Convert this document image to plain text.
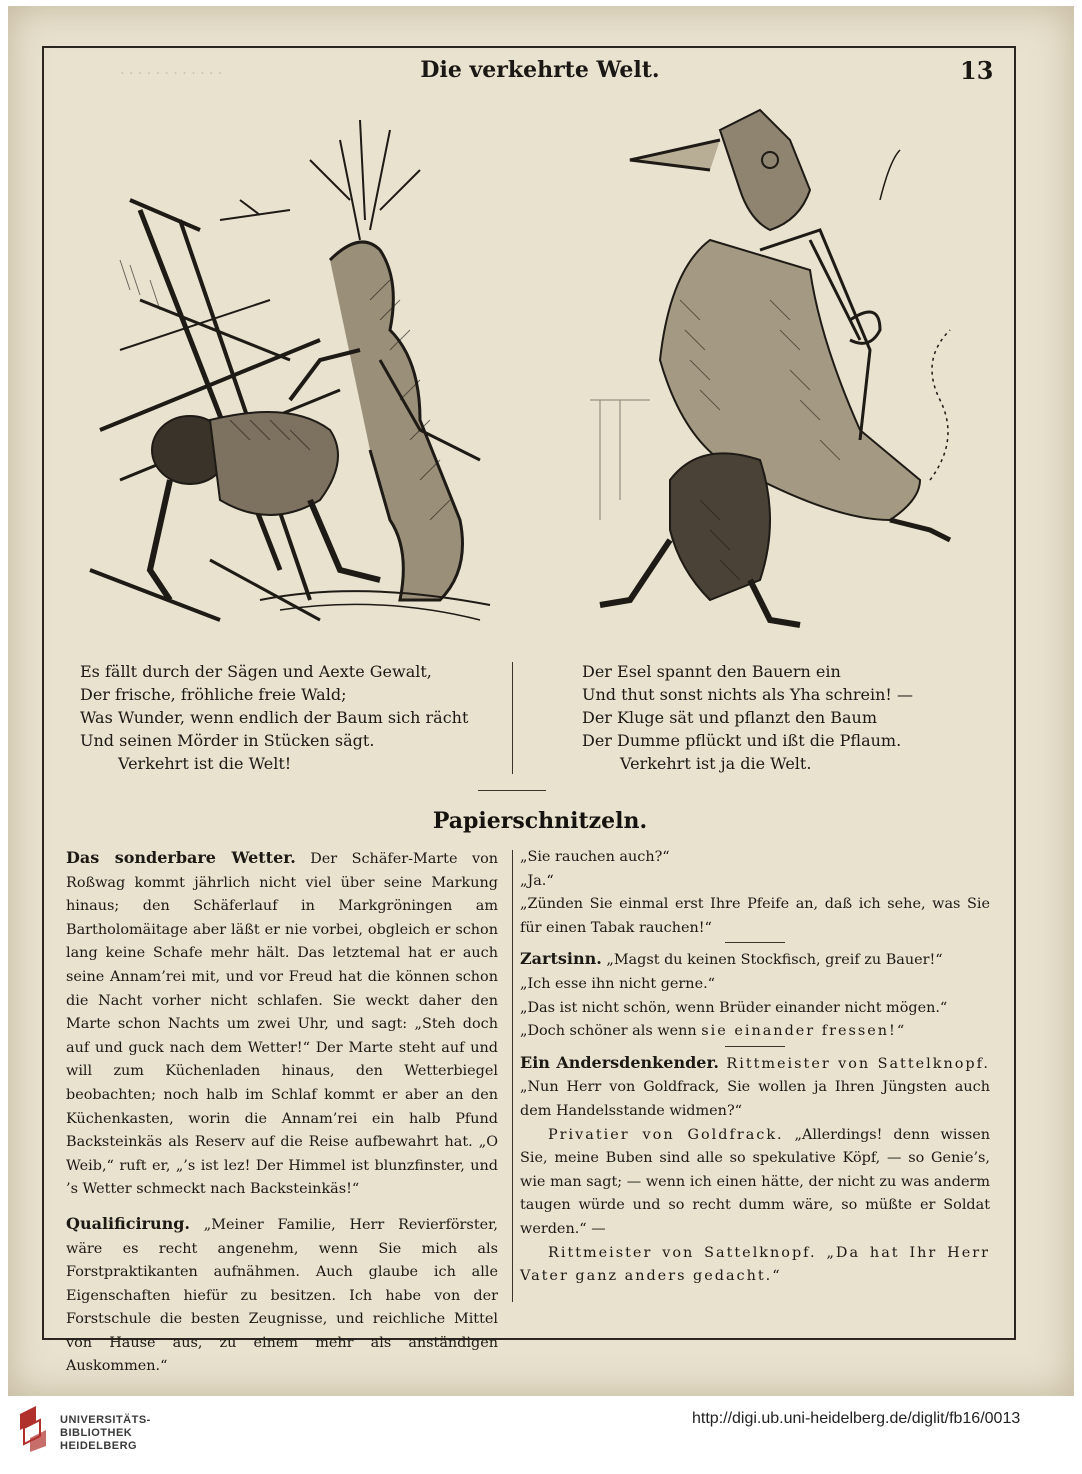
. . . . . . . . . . . .	Die verkehrte Welt.	13
Es fällt durch der Sägen und Aexte Gewalt,
Der frische, fröhliche freie Wald;
Was Wunder, wenn endlich der Baum sich rächt
Und seinen Mörder in Stücken sägt.
Verkehrt ist die Welt!
Der Esel spannt den Bauern ein
Und thut sonst nichts als Yha schrein! —
Der Kluge sät und pflanzt den Baum
Der Dumme pflückt und ißt die Pflaum.
Verkehrt ist ja die Welt.
Papierschnitzeln.

Das sonderbare Wetter. Der Schäfer-Marte von Roßwag kommt jährlich nicht viel über seine Markung hinaus; den Schäferlauf in Markgröningen am Bartholomäitage aber läßt er nie vorbei, obgleich er schon lang keine Schafe mehr hält. Das letztemal hat er auch seine Annam’rei mit, und vor Freud hat die können schon die Nacht vorher nicht schlafen. Sie weckt daher den Marte schon Nachts um zwei Uhr, und sagt: „Steh doch auf und guck nach dem Wetter!“ Der Marte steht auf und will zum Küchenladen hinaus, den Wetterbiegel beobachten; noch halb im Schlaf kommt er aber an den Küchenkasten, worin die Annam’rei ein halb Pfund Backsteinkäs als Reserv auf die Reise aufbewahrt hat. „O Weib,“ ruft er, „’s ist lez! Der Himmel ist blunzfinster, und ’s Wetter schmeckt nach Backsteinkäs!“

Qualificirung. „Meiner Familie, Herr Revierförster, wäre es recht angenehm, wenn Sie mich als Forstpraktikanten aufnähmen. Auch glaube ich alle Eigenschaften hiefür zu besitzen. Ich habe von der Forstschule die besten Zeugnisse, und reichliche Mittel von Hause aus, zu einem mehr als anständigen Auskommen.“

„Sie rauchen auch?“

„Ja.“

„Zünden Sie einmal erst Ihre Pfeife an, daß ich sehe, was Sie für einen Tabak rauchen!“

Zartsinn. „Magst du keinen Stockfisch, greif zu Bauer!“

„Ich esse ihn nicht gerne.“

„Das ist nicht schön, wenn Brüder einander nicht mögen.“

„Doch schöner als wenn sie einander fressen!“

Ein Andersdenkender. Rittmeister von Sattelknopf. „Nun Herr von Goldfrack, Sie wollen ja Ihren Jüngsten auch dem Handelsstande widmen?“

Privatier von Goldfrack. „Allerdings! denn wissen Sie, meine Buben sind alle so spekulative Köpf, — so Genie’s, wie man sagt; — wenn ich einen hätte, der nicht zu was anderm taugen würde und so recht dumm wäre, so müßte er Soldat werden.“ —

Rittmeister von Sattelknopf. „Da hat Ihr Herr Vater ganz anders gedacht.“

UNIVERSITÄTS-
BIBLIOTHEK
HEIDELBERG
http://digi.ub.uni-heidelberg.de/diglit/fb16/0013
